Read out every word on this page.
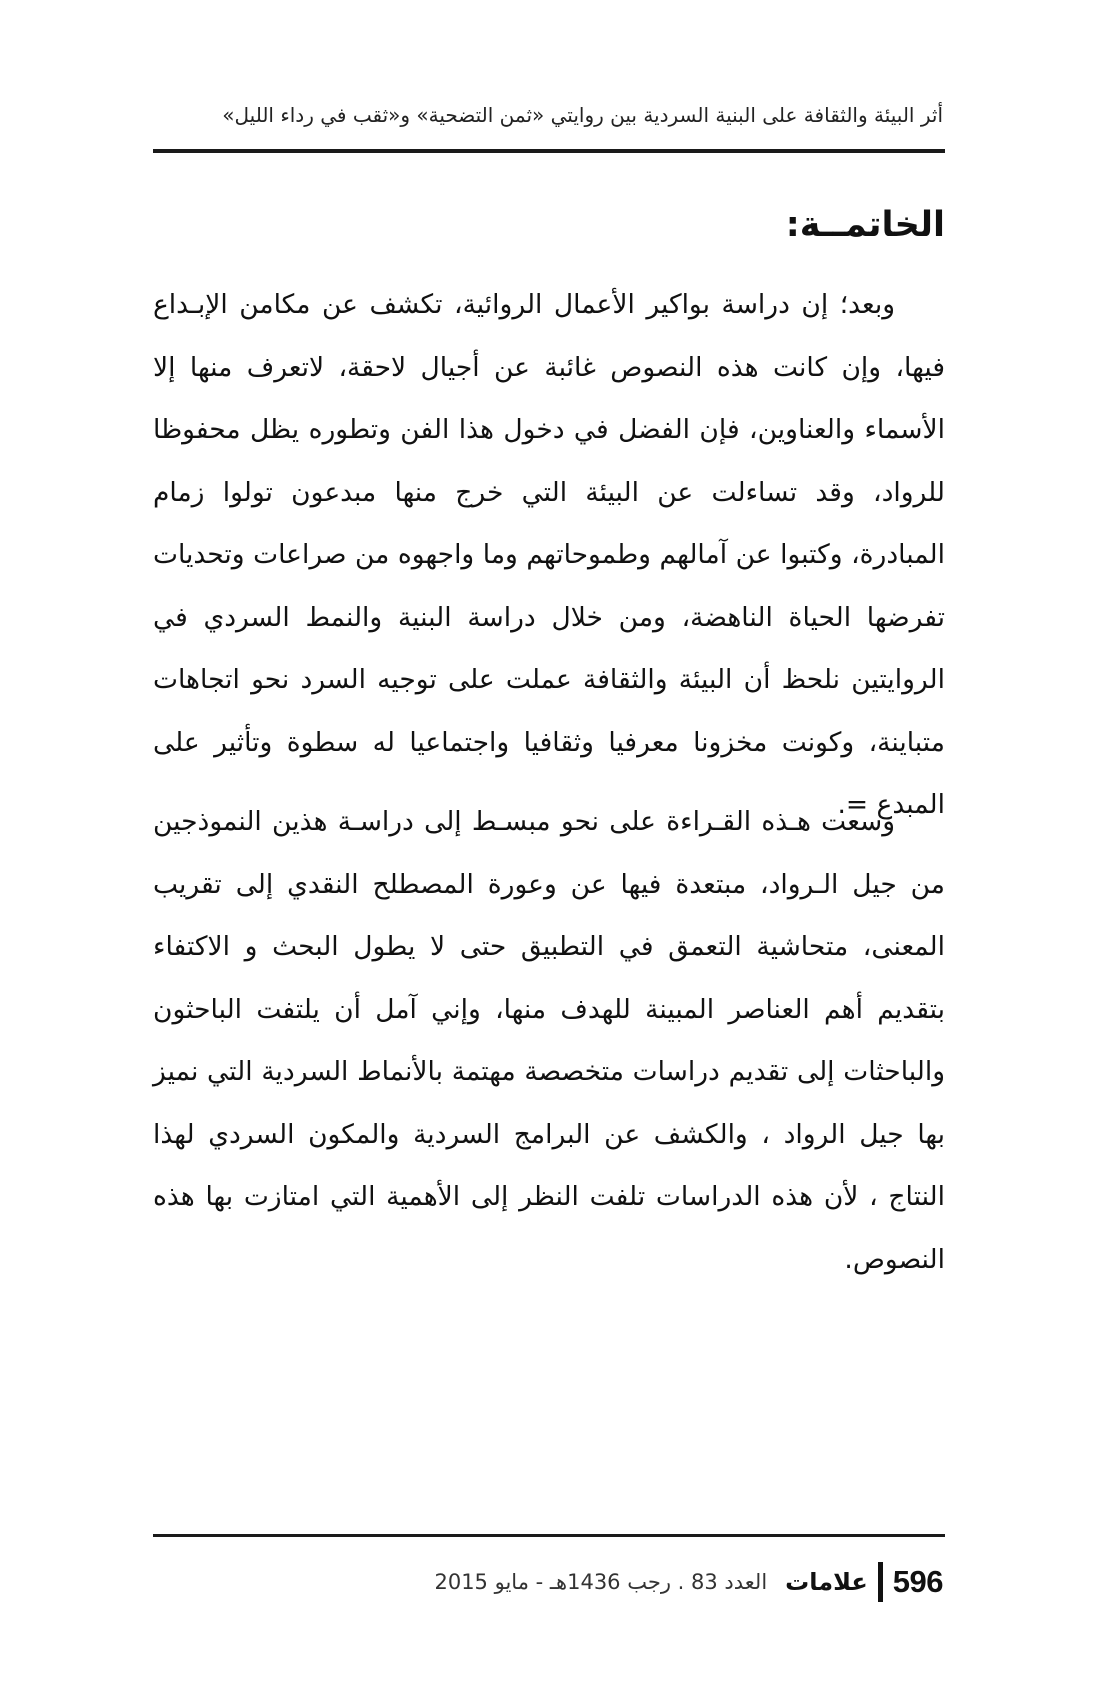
أثر البيئة والثقافة على البنية السردية بين روايتي «ثمن التضحية» و«ثقب في رداء الليل»
الخاتمــة:

وبعد؛ إن دراسة بواكير الأعمال الروائية، تكشف عن مكامن الإبـداع فيها، وإن كانت هذه النصوص غائبة عن أجيال لاحقة، لاتعرف منها إلا الأسماء والعناوين، فإن الفضل في دخول هذا الفن وتطوره يظل محفوظا للرواد، وقد تساءلت عن البيئة التي خرج منها مبدعون تولوا زمام المبادرة، وكتبوا عن آمالهم وطموحاتهم وما واجهوه من صراعات وتحديات تفرضها الحياة الناهضة، ومن خلال دراسة البنية والنمط السردي في الروايتين نلحظ أن البيئة والثقافة عملت على توجيه السرد نحو اتجاهات متباينة، وكونت مخزونا معرفيا وثقافيا واجتماعيا له سطوة وتأثير على المبدع =.

وسعت هـذه القـراءة على نحو مبسـط إلى دراسـة هذين النموذجين من جيل الـرواد، مبتعدة فيها عن وعورة المصطلح النقدي إلى تقريب المعنى، متحاشية التعمق في التطبيق حتى لا يطول البحث و الاكتفاء بتقديم أهم العناصر المبينة للهدف منها، وإني آمل أن يلتفت الباحثون والباحثات إلى تقديم دراسات متخصصة مهتمة بالأنماط السردية التي نميز بها جيل الرواد ، والكشف عن البرامج السردية والمكون السردي لهذا النتاج ، لأن هذه الدراسات تلفت النظر إلى الأهمية التي امتازت بها هذه النصوص.

596
علامات
العدد 83 . رجب 1436هـ - مايو 2015
